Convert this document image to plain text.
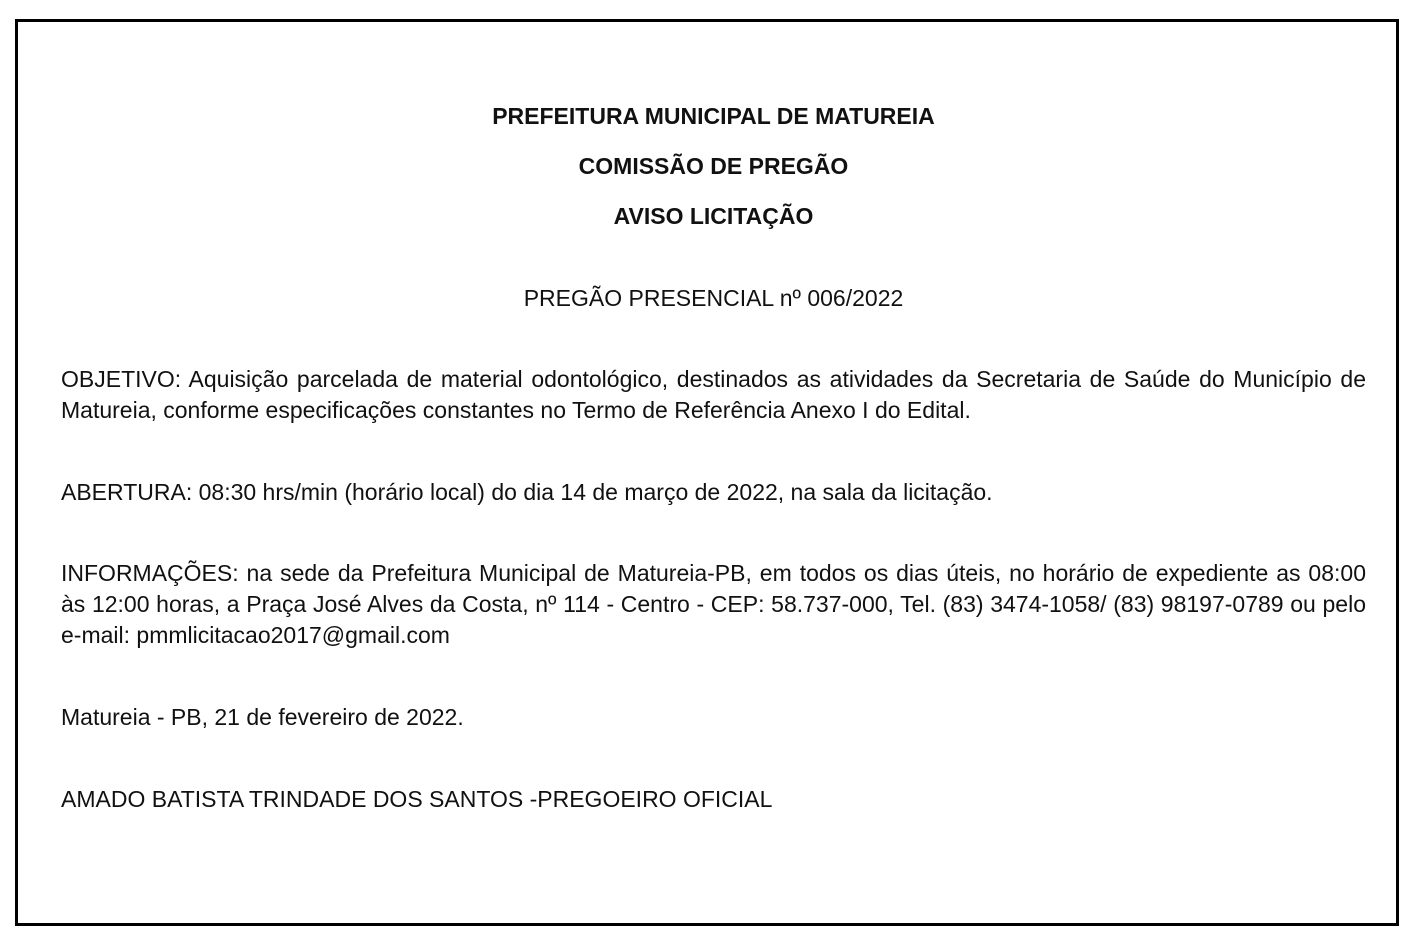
PREFEITURA MUNICIPAL DE MATUREIA
COMISSÃO DE PREGÃO
AVISO LICITAÇÃO
PREGÃO PRESENCIAL nº 006/2022
OBJETIVO: Aquisição parcelada de material odontológico, destinados as atividades da Secretaria de Saúde do Município de Matureia, conforme especificações constantes no Termo de Referência Anexo I do Edital.
ABERTURA: 08:30 hrs/min (horário local) do dia 14 de março de 2022, na sala da licitação.
INFORMAÇÕES: na sede da Prefeitura Municipal de Matureia-PB, em todos os dias úteis, no horário de expediente as 08:00 às 12:00 horas, a Praça José Alves da Costa, nº 114 - Centro - CEP: 58.737-000, Tel. (83) 3474-1058/ (83) 98197-0789 ou pelo e-mail: pmmlicitacao2017@gmail.com
Matureia - PB, 21 de fevereiro de 2022.
AMADO BATISTA TRINDADE DOS SANTOS -PREGOEIRO OFICIAL
